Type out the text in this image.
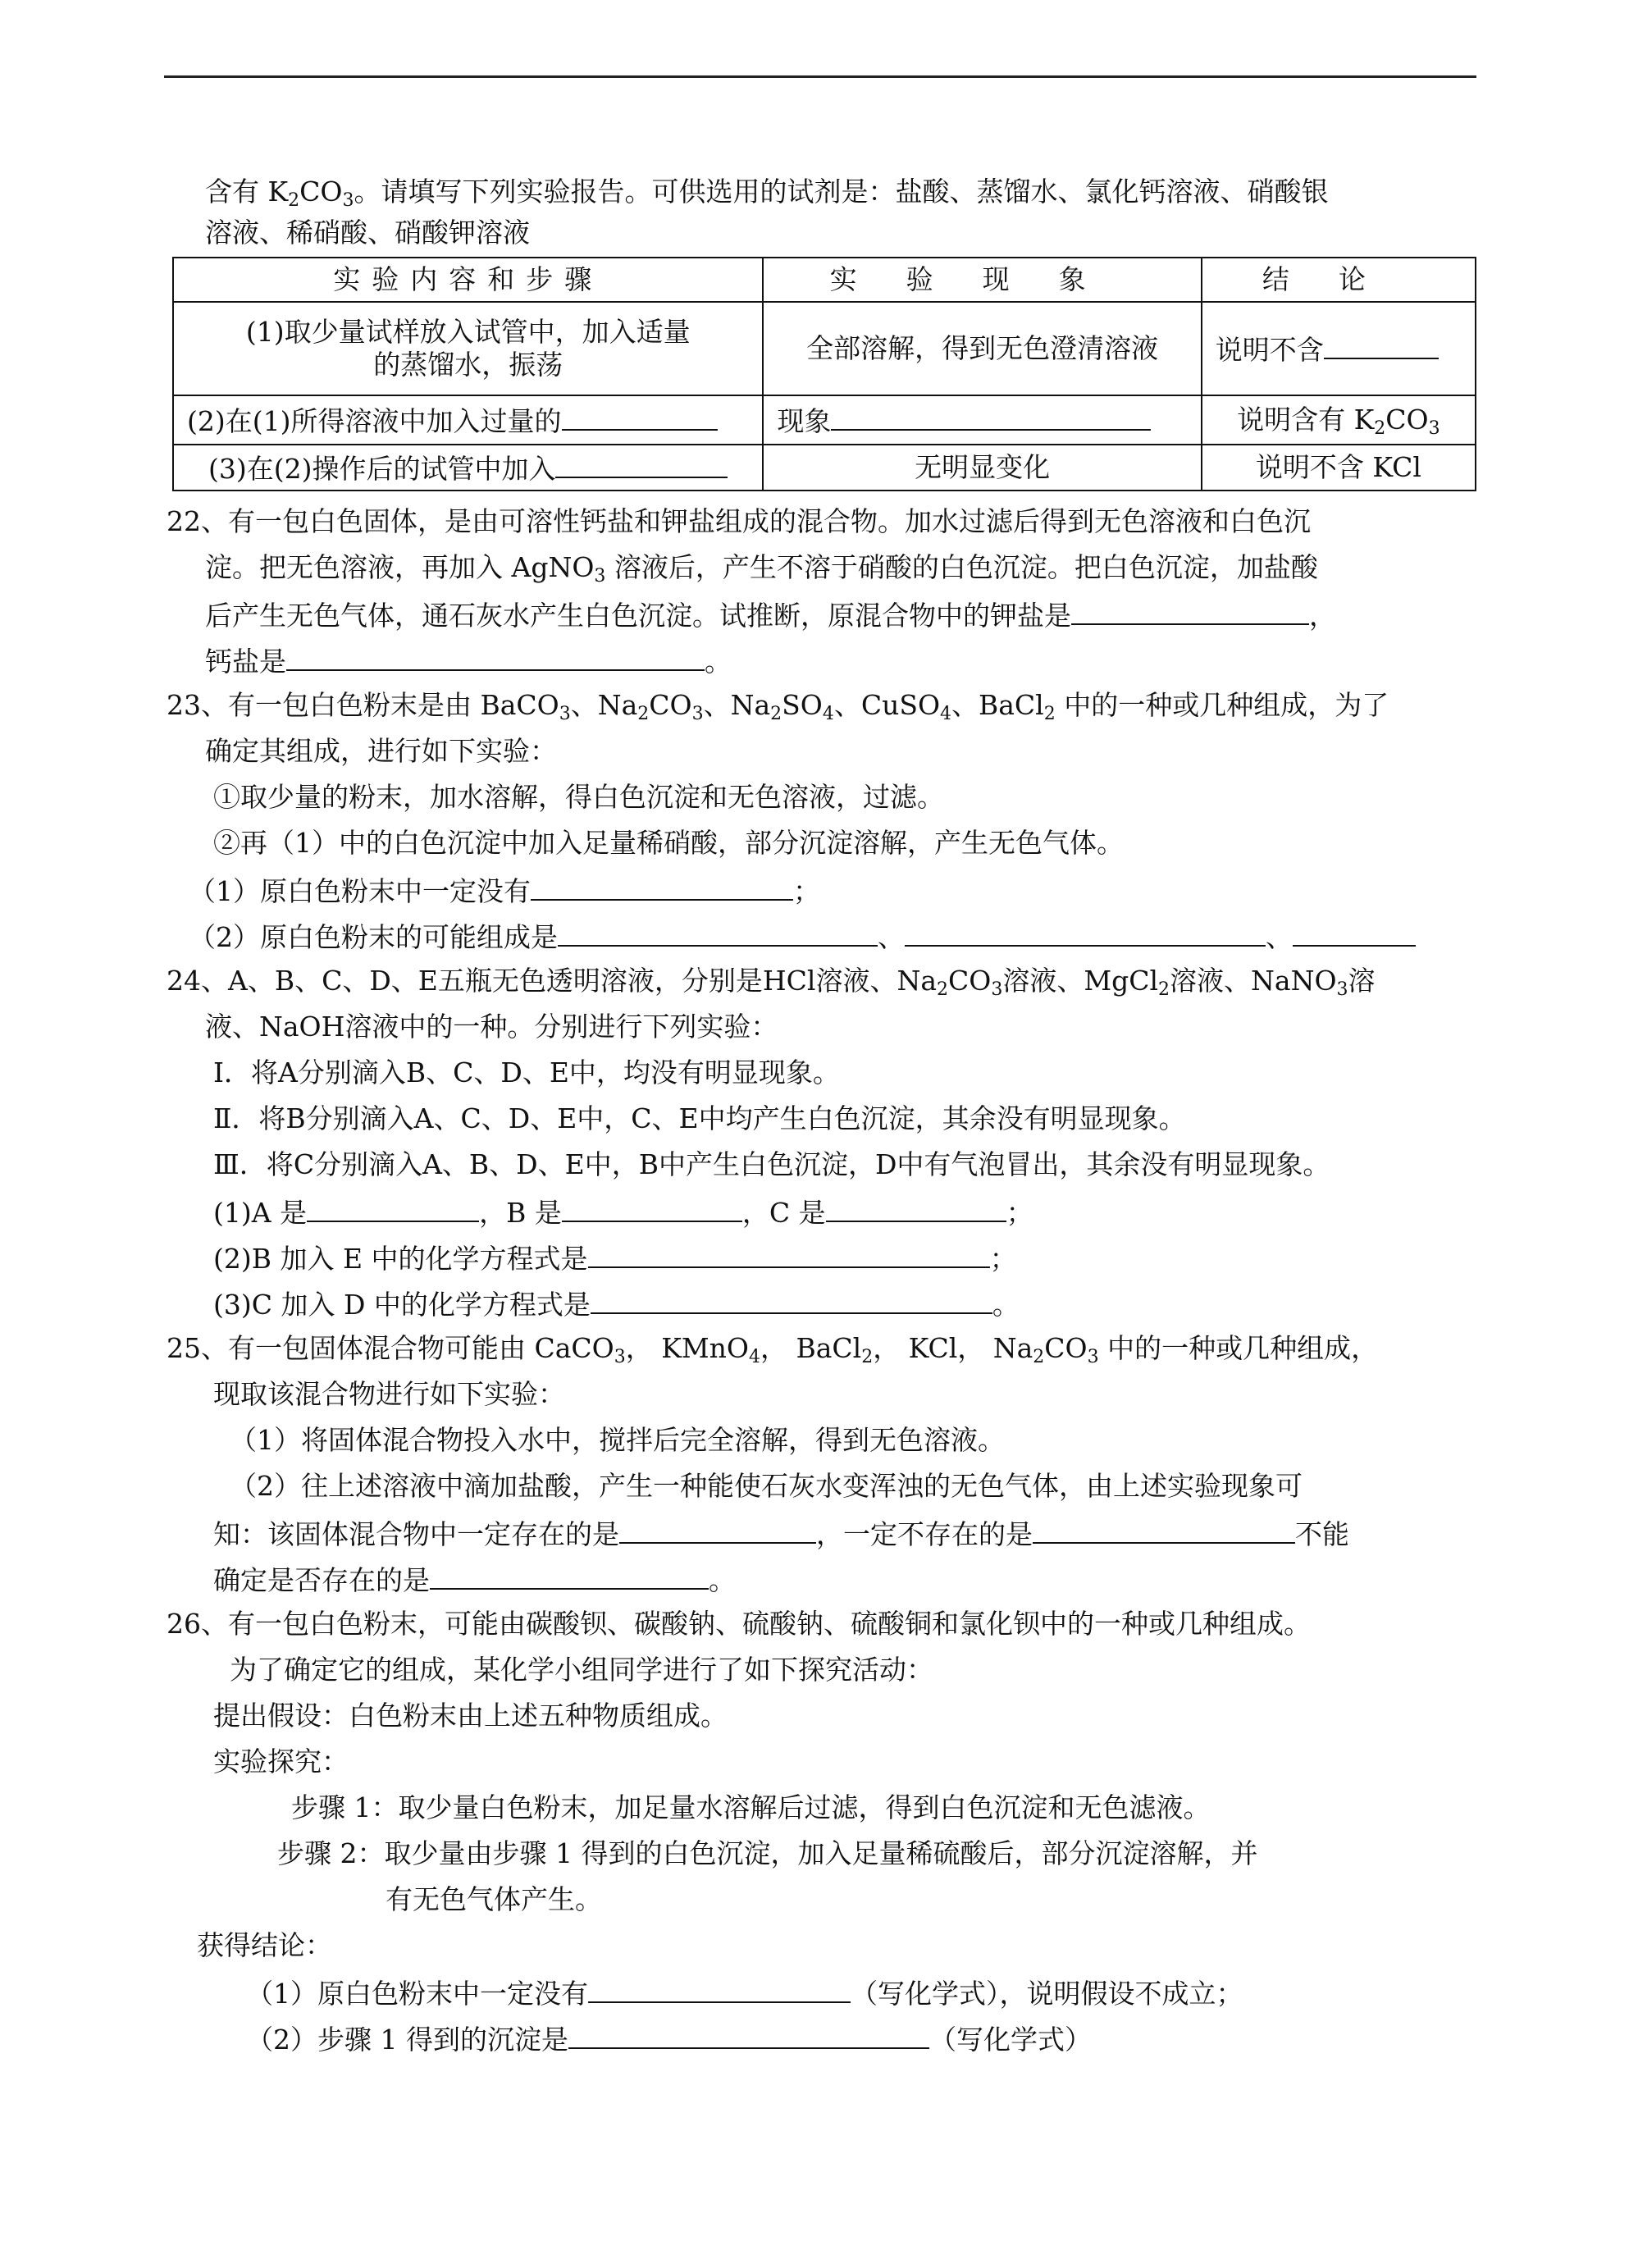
含有 $K_2CO_3$。请填写下列实验报告。可供选用的试剂是：盐酸、蒸馏水、氯化钙溶液、硝酸银
溶液、稀硝酸、硝酸钾溶液
实验内容和步骤	实验现象	结论

(1)取少量试样放入试管中，加入适量
的蒸馏水，振荡	全部溶解，得到无色澄清溶液	说明不含
(2)在(1)所得溶液中加入过量的	现象	说明含有 $K_2CO_3$
(3)在(2)操作后的试管中加入	无明显变化	说明不含 KCl
22、有一包白色固体，是由可溶性钙盐和钾盐组成的混合物。加水过滤后得到无色溶液和白色沉
淀。把无色溶液，再加入 AgNO$_3$ 溶液后，产生不溶于硝酸的白色沉淀。把白色沉淀，加盐酸
后产生无色气体，通石灰水产生白色沉淀。试推断，原混合物中的钾盐是	，
钙盐是	。
23、有一包白色粉末是由 BaCO$_3$、$Na_2CO_3$、$Na_2SO_4$、CuSO$_4$、BaCl$_2$ 中的一种或几种组成，为了
确定其组成，进行如下实验：
①取少量的粉末，加水溶解，得白色沉淀和无色溶液，过滤。
②再（1）中的白色沉淀中加入足量稀硝酸，部分沉淀溶解，产生无色气体。
（1）原白色粉末中一定没有	；
（2）原白色粉末的可能组成是	、	、
24、A、B、C、D、E五瓶无色透明溶液，分别是HCl溶液、$Na_2CO_3$溶液、MgCl$_2$溶液、NaNO$_3$溶
液、NaOH溶液中的一种。分别进行下列实验：
Ⅰ．将A分别滴入B、C、D、E中，均没有明显现象。
Ⅱ．将B分别滴入A、C、D、E中，C、E中均产生白色沉淀，其余没有明显现象。
Ⅲ．将C分别滴入A、B、D、E中，B中产生白色沉淀，D中有气泡冒出，其余没有明显现象。
(1)A 是	，B 是	，C 是	；
(2)B 加入 E 中的化学方程式是	；
(3)C 加入 D 中的化学方程式是	。
25、有一包固体混合物可能由 CaCO$_3$， KMnO$_4$， BaCl$_2$， KCl， $Na_2CO_3$ 中的一种或几种组成，
现取该混合物进行如下实验：
（1）将固体混合物投入水中，搅拌后完全溶解，得到无色溶液。
（2）往上述溶液中滴加盐酸，产生一种能使石灰水变浑浊的无色气体，由上述实验现象可
知：该固体混合物中一定存在的是	，一定不存在的是	不能
确定是否存在的是	。
26、有一包白色粉末，可能由碳酸钡、碳酸钠、硫酸钠、硫酸铜和氯化钡中的一种或几种组成。
为了确定它的组成，某化学小组同学进行了如下探究活动：
提出假设：白色粉末由上述五种物质组成。
实验探究：
步骤 1：取少量白色粉末，加足量水溶解后过滤，得到白色沉淀和无色滤液。
步骤 2：取少量由步骤 1 得到的白色沉淀，加入足量稀硫酸后，部分沉淀溶解，并
有无色气体产生。
获得结论：
（1）原白色粉末中一定没有	（写化学式），说明假设不成立；
（2）步骤 1 得到的沉淀是	（写化学式）
